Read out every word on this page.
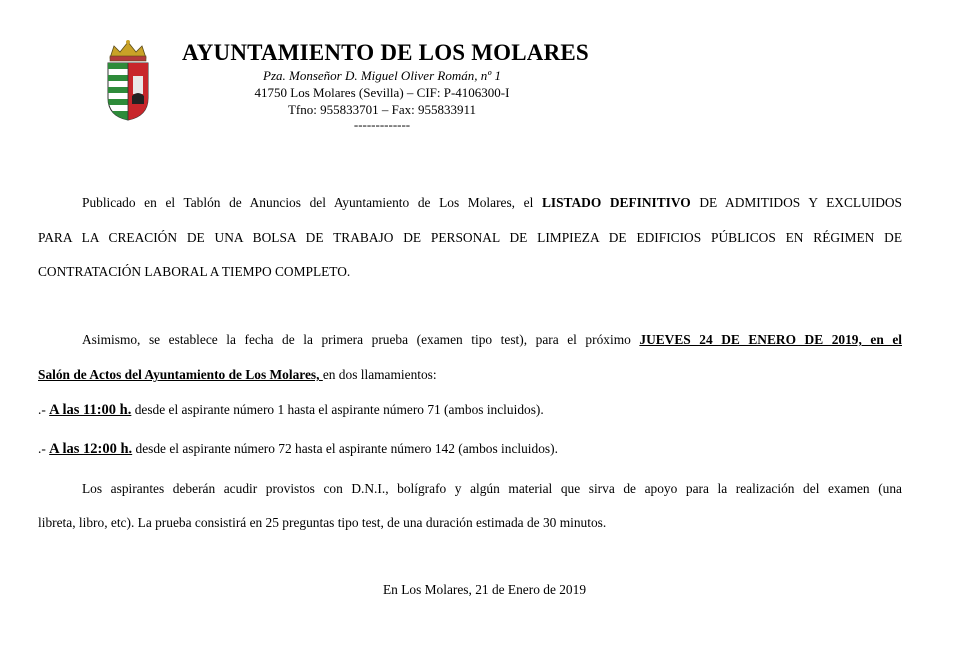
AYUNTAMIENTO DE LOS MOLARES
Pza. Monseñor D. Miguel Oliver Román, nº 1
41750 Los Molares (Sevilla) – CIF: P-4106300-I
Tfno: 955833701 – Fax: 955833911
-------------
Publicado en el Tablón de Anuncios del Ayuntamiento de Los Molares, el LISTADO DEFINITIVO DE ADMITIDOS Y EXCLUIDOS
PARA LA CREACIÓN DE UNA BOLSA DE TRABAJO DE PERSONAL DE LIMPIEZA DE EDIFICIOS PÚBLICOS EN RÉGIMEN DE
CONTRATACIÓN LABORAL A TIEMPO COMPLETO.
Asimismo, se establece la fecha de la primera prueba (examen tipo test), para el próximo JUEVES 24 DE ENERO DE 2019, en el
Salón de Actos del Ayuntamiento de Los Molares, en dos llamamientos:
.- A las 11:00 h. desde el aspirante número 1 hasta el aspirante número 71 (ambos incluidos).
.- A las 12:00 h. desde el aspirante número 72 hasta el aspirante número 142 (ambos incluidos).
Los aspirantes deberán acudir provistos con D.N.I., bolígrafo y algún material que sirva de apoyo para la realización del examen (una
libreta, libro, etc). La prueba consistirá en 25 preguntas tipo test, de una duración estimada de 30 minutos.
En Los Molares, 21 de Enero de 2019
